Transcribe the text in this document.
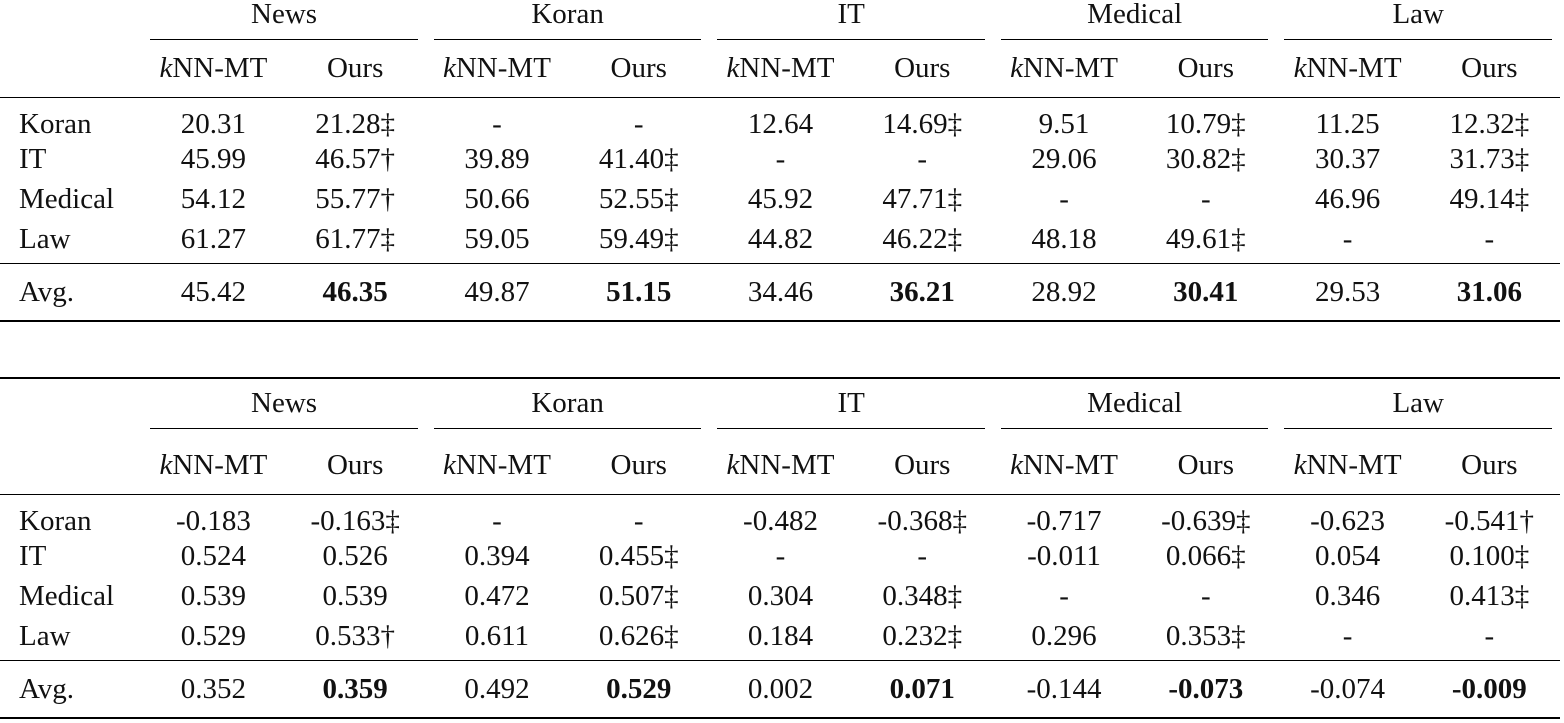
	News		Koran		IT		Medical		Law	

	kNN-MT	Ours	kNN-MT	Ours	kNN-MT	Ours	kNN-MT	Ours	kNN-MT	Ours
Koran	20.31	21.28‡	-	-	12.64	14.69‡	9.51	10.79‡	11.25	12.32‡
IT	45.99	46.57†	39.89	41.40‡	-	-	29.06	30.82‡	30.37	31.73‡
Medical	54.12	55.77†	50.66	52.55‡	45.92	47.71‡	-	-	46.96	49.14‡
Law	61.27	61.77‡	59.05	59.49‡	44.82	46.22‡	48.18	49.61‡	-	-
Avg.	45.42	46.35	49.87	51.15	34.46	36.21	28.92	30.41	29.53	31.06
	News		Koran		IT		Medical		Law	

	kNN-MT	Ours	kNN-MT	Ours	kNN-MT	Ours	kNN-MT	Ours	kNN-MT	Ours
Koran	-0.183	-0.163‡	-	-	-0.482	-0.368‡	-0.717	-0.639‡	-0.623	-0.541†
IT	0.524	0.526	0.394	0.455‡	-	-	-0.011	0.066‡	0.054	0.100‡
Medical	0.539	0.539	0.472	0.507‡	0.304	0.348‡	-	-	0.346	0.413‡
Law	0.529	0.533†	0.611	0.626‡	0.184	0.232‡	0.296	0.353‡	-	-
Avg.	0.352	0.359	0.492	0.529	0.002	0.071	-0.144	-0.073	-0.074	-0.009
